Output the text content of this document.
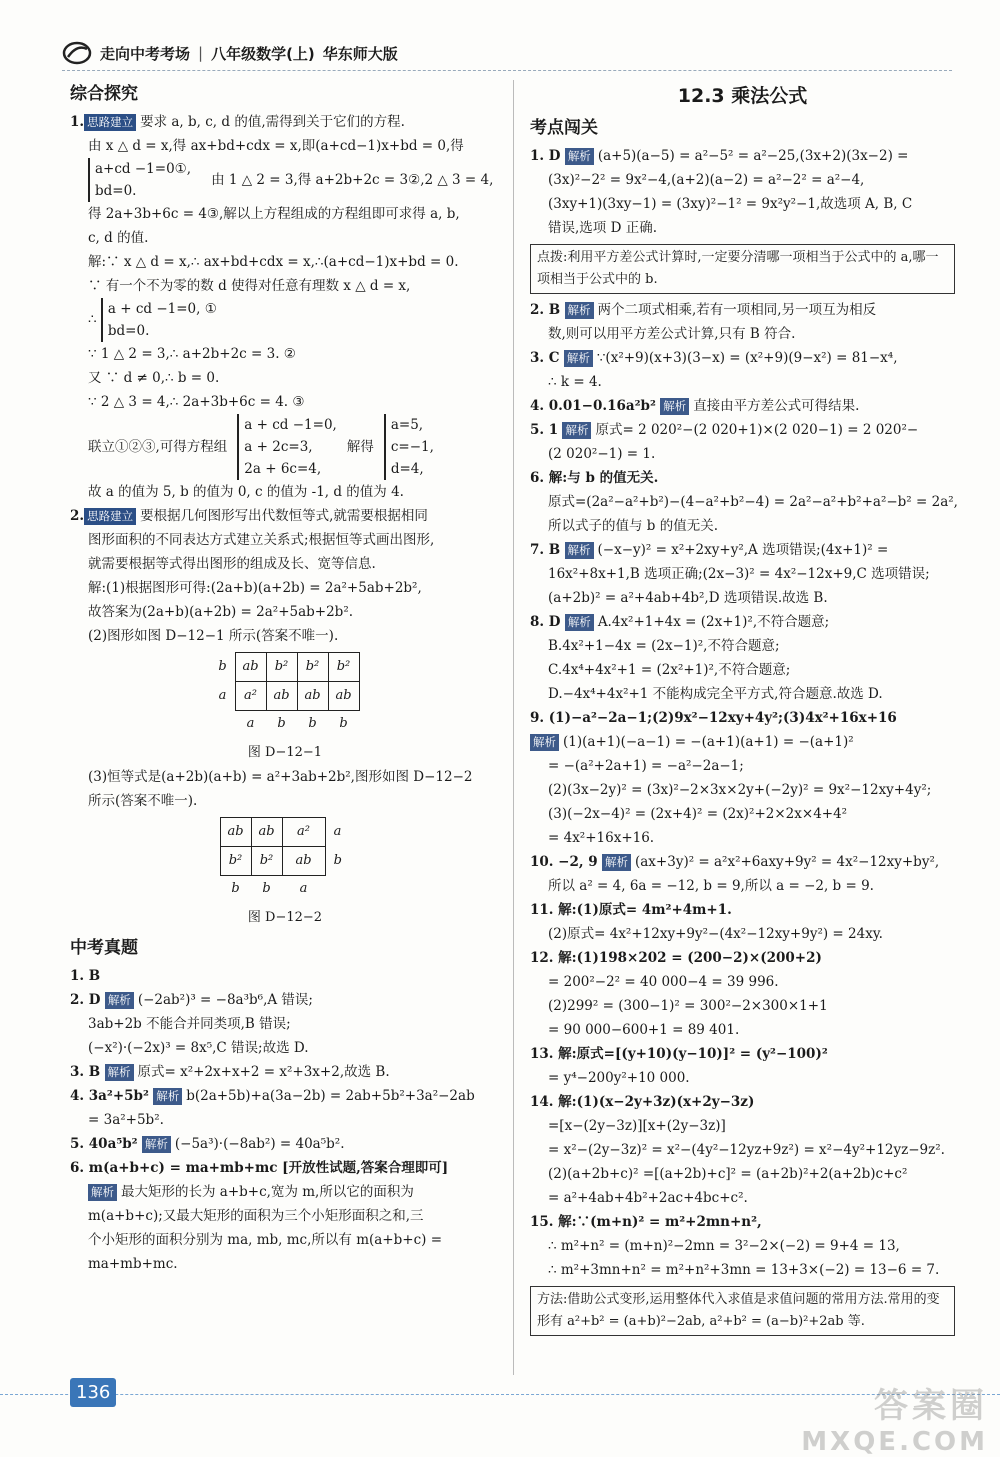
走向中考考场 | 八年级数学(上) 华东师大版
综合探究

1. 思路建立 要求 a, b, c, d 的值,需得到关于它们的方程.

由 x △ d = x,得 ax+bd+cdx = x,即(a+cd−1)x+bd = 0,得

a+cd −1=0①,
bd=0.
由 1 △ 2 = 3,得 a+2b+2c = 3②,2 △ 3 = 4,

得 2a+3b+6c = 4③,解以上方程组成的方程组即可求得 a, b,

c, d 的值.

解:∵ x △ d = x,∴ ax+bd+cdx = x,∴(a+cd−1)x+bd = 0.

∵ 有一个不为零的数 d 使得对任意有理数 x △ d = x,

∴ a + cd −1=0, ①
bd=0.

∵ 1 △ 2 = 3,∴ a+2b+2c = 3. ②

又 ∵ d ≠ 0,∴ b = 0.

∵ 2 △ 3 = 4,∴ 2a+3b+6c = 4. ③

联立①②③,可得方程组
a + cd −1=0,
a + 2c=3,
2a + 6c=4,
解得
a=5,
c=−1,
d=4,

故 a 的值为 5, b 的值为 0, c 的值为 -1, d 的值为 4.

2. 思路建立 要根据几何图形写出代数恒等式,就需要根据相同

图形面积的不同表达方式建立关系式;根据恒等式画出图形,

就需要根据等式得出图形的组成及长、宽等信息.

解:(1)根据图形可得:(2a+b)(a+2b) = 2a²+5ab+2b²,

故答案为(2a+b)(a+2b) = 2a²+5ab+2b².

(2)图形如图 D−12−1 所示(答案不唯一).

b	ab	b²	b²	b²
a	a²	ab	ab	ab
	a	b	b	b
图 D−12−1

(3)恒等式是(a+2b)(a+b) = a²+3ab+2b²,图形如图 D−12−2

所示(答案不唯一).

ab	ab	a²	a
b²	b²	ab	b
b	b	a	
图 D−12−2
中考真题

1. B

2. D 解析 (−2ab²)³ = −8a³b⁶,A 错误;

3ab+2b 不能合并同类项,B 错误;

(−x²)·(−2x)³ = 8x⁵,C 错误;故选 D.

3. B 解析 原式= x²+2x+x+2 = x²+3x+2,故选 B.

4. 3a²+5b² 解析 b(2a+5b)+a(3a−2b) = 2ab+5b²+3a²−2ab

= 3a²+5b².

5. 40a⁵b² 解析 (−5a³)·(−8ab²) = 40a⁵b².

6. m(a+b+c) = ma+mb+mc [开放性试题,答案合理即可]

解析 最大矩形的长为 a+b+c,宽为 m,所以它的面积为

m(a+b+c);又最大矩形的面积为三个小矩形面积之和,三

个小矩形的面积分别为 ma, mb, mc,所以有 m(a+b+c) =

ma+mb+mc.

12.3 乘法公式
考点闯关

1. D 解析 (a+5)(a−5) = a²−5² = a²−25,(3x+2)(3x−2) =

(3x)²−2² = 9x²−4,(a+2)(a−2) = a²−2² = a²−4,

(3xy+1)(3xy−1) = (3xy)²−1² = 9x²y²−1,故选项 A, B, C

错误,选项 D 正确.

点拨:利用平方差公式计算时,一定要分清哪一项相当于公式中的 a,哪一项相当于公式中的 b.

2. B 解析 两个二项式相乘,若有一项相同,另一项互为相反

数,则可以用平方差公式计算,只有 B 符合.

3. C 解析 ∵(x²+9)(x+3)(3−x) = (x²+9)(9−x²) = 81−x⁴,

∴ k = 4.

4. 0.01−0.16a²b² 解析 直接由平方差公式可得结果.

5. 1 解析 原式= 2 020²−(2 020+1)×(2 020−1) = 2 020²−

(2 020²−1) = 1.

6. 解:与 b 的值无关.

原式=(2a²−a²+b²)−(4−a²+b²−4) = 2a²−a²+b²+a²−b² = 2a²,

所以式子的值与 b 的值无关.

7. B 解析 (−x−y)² = x²+2xy+y²,A 选项错误;(4x+1)² =

16x²+8x+1,B 选项正确;(2x−3)² = 4x²−12x+9,C 选项错误;

(a+2b)² = a²+4ab+4b²,D 选项错误.故选 B.

8. D 解析 A.4x²+1+4x = (2x+1)²,不符合题意;

B.4x²+1−4x = (2x−1)²,不符合题意;

C.4x⁴+4x²+1 = (2x²+1)²,不符合题意;

D.−4x⁴+4x²+1 不能构成完全平方式,符合题意.故选 D.

9. (1)−a²−2a−1;(2)9x²−12xy+4y²;(3)4x²+16x+16

解析 (1)(a+1)(−a−1) = −(a+1)(a+1) = −(a+1)²

= −(a²+2a+1) = −a²−2a−1;

(2)(3x−2y)² = (3x)²−2×3x×2y+(−2y)² = 9x²−12xy+4y²;

(3)(−2x−4)² = (2x+4)² = (2x)²+2×2x×4+4²

= 4x²+16x+16.

10. −2, 9 解析 (ax+3y)² = a²x²+6axy+9y² = 4x²−12xy+by²,

所以 a² = 4, 6a = −12, b = 9,所以 a = −2, b = 9.

11. 解:(1)原式= 4m²+4m+1.

(2)原式= 4x²+12xy+9y²−(4x²−12xy+9y²) = 24xy.

12. 解:(1)198×202 = (200−2)×(200+2)

= 200²−2² = 40 000−4 = 39 996.

(2)299² = (300−1)² = 300²−2×300×1+1

= 90 000−600+1 = 89 401.

13. 解:原式=[(y+10)(y−10)]² = (y²−100)²

= y⁴−200y²+10 000.

14. 解:(1)(x−2y+3z)(x+2y−3z)

=[x−(2y−3z)][x+(2y−3z)]

= x²−(2y−3z)² = x²−(4y²−12yz+9z²) = x²−4y²+12yz−9z².

(2)(a+2b+c)² =[(a+2b)+c]² = (a+2b)²+2(a+2b)c+c²

= a²+4ab+4b²+2ac+4bc+c².

15. 解:∵(m+n)² = m²+2mn+n²,

∴ m²+n² = (m+n)²−2mn = 3²−2×(−2) = 9+4 = 13,

∴ m²+3mn+n² = m²+n²+3mn = 13+3×(−2) = 13−6 = 7.

方法:借助公式变形,运用整体代入求值是求值问题的常用方法.常用的变形有 a²+b² = (a+b)²−2ab, a²+b² = (a−b)²+2ab 等.
136	答案圈
MXQE.COM
